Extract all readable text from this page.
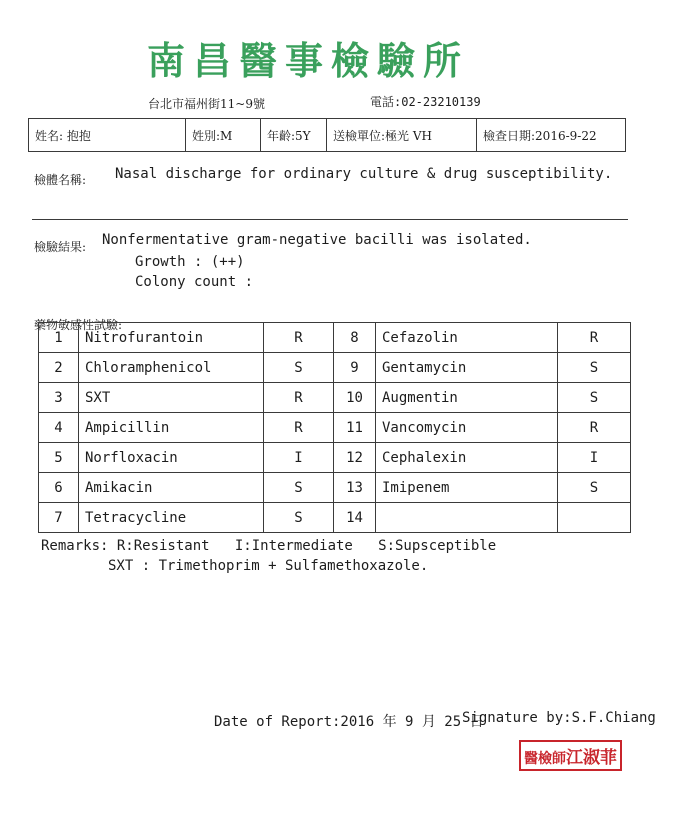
南昌醫事檢驗所
台北市福州街11~9號	電話:02-23210139
姓名: 抱抱	姓別:M	年齡:5Y	送檢單位:極光 VH	檢查日期:2016-9-22
檢體名稱: Nasal discharge for ordinary culture & drug susceptibility.
檢驗結果: Nonfermentative gram-negative bacilli was isolated.
Growth : (++)
Colony count :
藥物敏感性試驗:
1	Nitrofurantoin	R	8	Cefazolin	R
2	Chloramphenicol	S	9	Gentamycin	S
3	SXT	R	10	Augmentin	S
4	Ampicillin	R	11	Vancomycin	R
5	Norfloxacin	I	12	Cephalexin	I
6	Amikacin	S	13	Imipenem	S
7	Tetracycline	S	14		
Remarks: R:Resistant   I:Intermediate   S:Supsceptible
SXT : Trimethoprim + Sulfamethoxazole.
Date of Report:2016 年 9 月 25 日
Signature by:S.F.Chiang
醫檢師江淑菲
